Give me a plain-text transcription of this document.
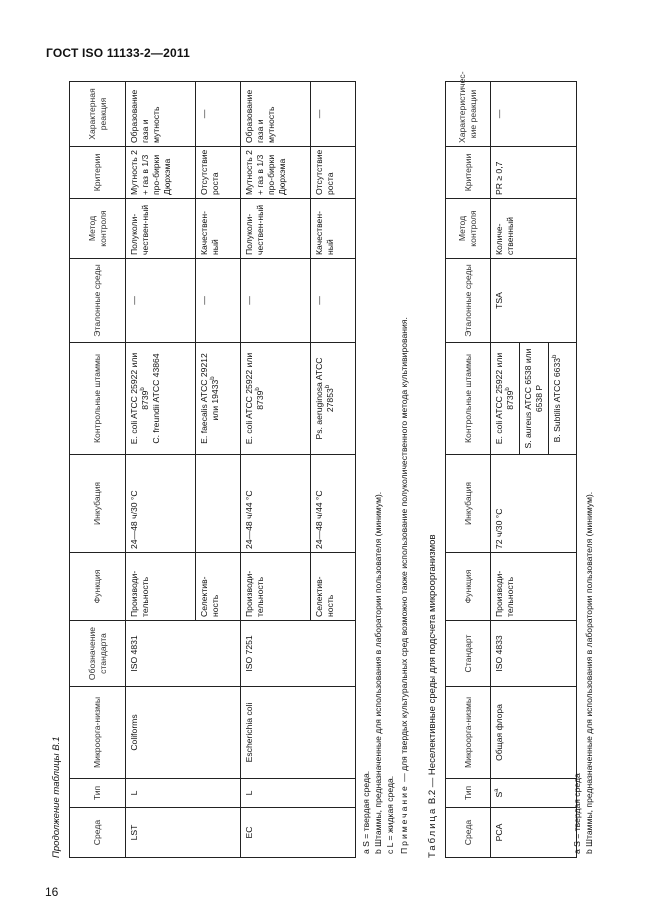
ГОСТ ISO 11133-2—2011
Продолжение таблицы В.1	Среда	Тип	Микроорга-низмы	Обозначение стандарта	Функция	Инкубация	Контрольные штаммы	Эталонные среды	Метод контроля	Критерии	Характерная реакция
LST	L	Coliforms	ISO 4831	Производи-тельность	24—48 ч/30 °С	E. coli ATCC 25922 или 8739$^b$ C. freundii ATCC 43864	—	Полуколи-чествен-ный	Мутность 2 + газ в 1/3 про-бирки Дюрхэма	Образование газа и мутность
				Селектив-ность		E. faecalis ATCC 29212 или 19433$^b$	—	Качествен-ный	Отсутствие роста	—
EC	L	Escherichia coli	ISO 7251	Производи-тельность	24—48 ч/44 °С	E. coli ATCC 25922 или 8739$^b$	—	Полуколи-чествен-ный	Мутность 2 + газ в 1/3 про-бирки Дюрхэма	Образование газа и мутность
				Селектив-ность	24—48 ч/44 °С	Ps. aeruginosa ATCC 27853$^b$	—	Качествен-ный	Отсутствие роста	—
a S = твердая среда. b Штаммы, предназначенные для использования в лаборатории пользователя (минимум). c L = жидкая среда. Примечание — для твердых культуральных сред возможно также использование полуколичественного метода культивирования.
Таблица B.2 — Неселективные среды для подсчета микроорганизмов
Среда	Тип	Микроорга-низмы	Стандарт	Функция	Инкубация	Контрольные штаммы	Эталонные среды	Метод контроля	Критерии	Характеристичес-кие реакции
PCA	$S^a$	Общая флора	ISO 4833	Производи-тельность	72 ч/30 °С	E. coli ATCC 25922 или 8739$^b$	TSA	Количе-ственный	PR ≥ 0,7	—
						S. aureus ATCC 6538 или 6538 P				
						B. Subtilis ATCC 6633$^b$
a S = твердая среда b Штаммы, предназначенные для использования в лаборатории пользователя (минимум).
16
